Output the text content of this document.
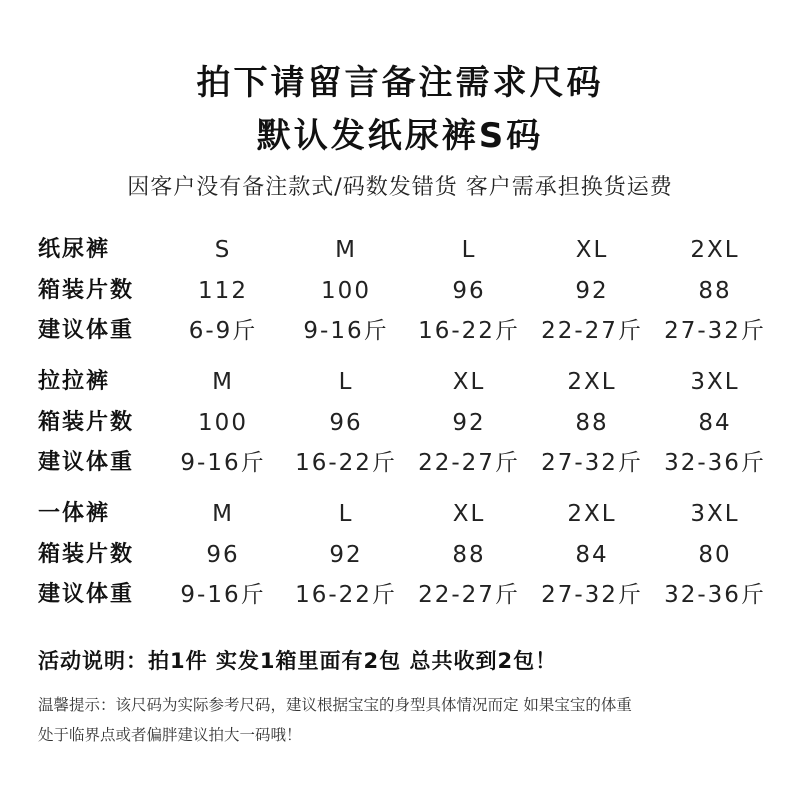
拍下请留言备注需求尺码
默认发纸尿裤S码
因客户没有备注款式/码数发错货 客户需承担换货运费
纸尿裤	S	M	L	XL	2XL
箱装片数	112	100	96	92	88
建议体重	6-9斤	9-16斤	16-22斤 22-27斤 27-32斤
拉拉裤	M	L	XL	2XL	3XL
箱装片数	100	96	92	88	84
建议体重	9-16斤	16-22斤 22-27斤 27-32斤 32-36斤
一体裤	M	L	XL	2XL	3XL
箱装片数	96	92	88	84	80
建议体重	9-16斤	16-22斤 22-27斤 27-32斤 32-36斤
活动说明：拍1件 实发1箱里面有2包 总共收到2包！
温馨提示：该尺码为实际参考尺码，建议根据宝宝的身型具体情况而定 如果宝宝的体重
处于临界点或者偏胖建议拍大一码哦！
